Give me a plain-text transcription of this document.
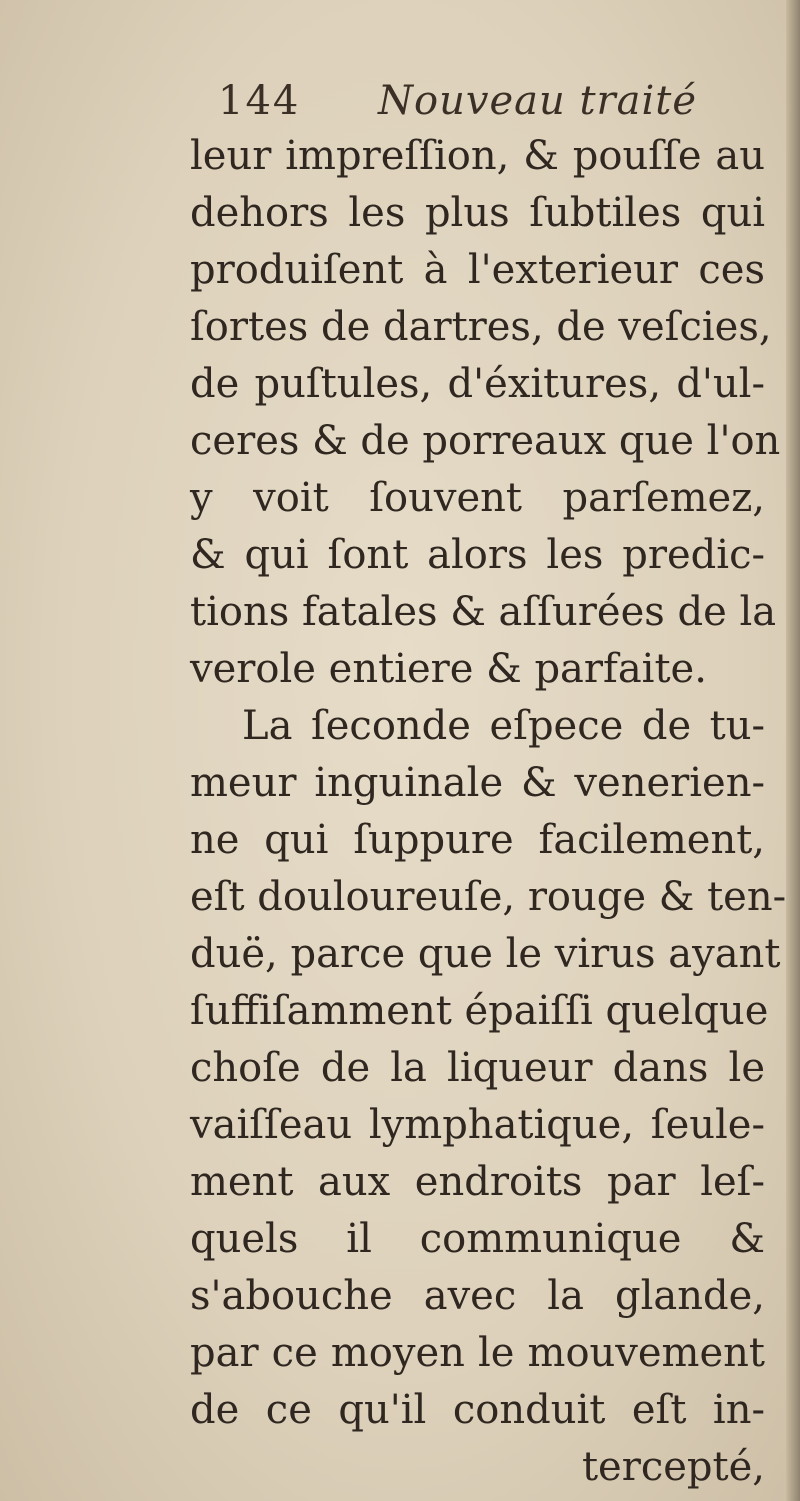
144 Nouveau traité
leur impreſſion, & pouſſe au
dehors les plus ſubtiles qui
produiſent à l'exterieur ces
ſortes de dartres, de veſcies,
de puſtules, d'éxitures, d'ul-
ceres & de porreaux que l'on
y voit ſouvent parſemez,
& qui ſont alors les predic-
tions fatales & aſſurées de la
verole entiere & parfaite.
La ſeconde eſpece de tu-
meur inguinale & venerien-
ne qui ſuppure facilement,
eſt douloureuſe, rouge & ten-
duë, parce que le virus ayant
ſuffiſamment épaiſſi quelque
choſe de la liqueur dans le
vaiſſeau lymphatique, ſeule-
ment aux endroits par leſ-
quels il communique &
s'abouche avec la glande,
par ce moyen le mouvement
de ce qu'il conduit eſt in-
tercepté,
